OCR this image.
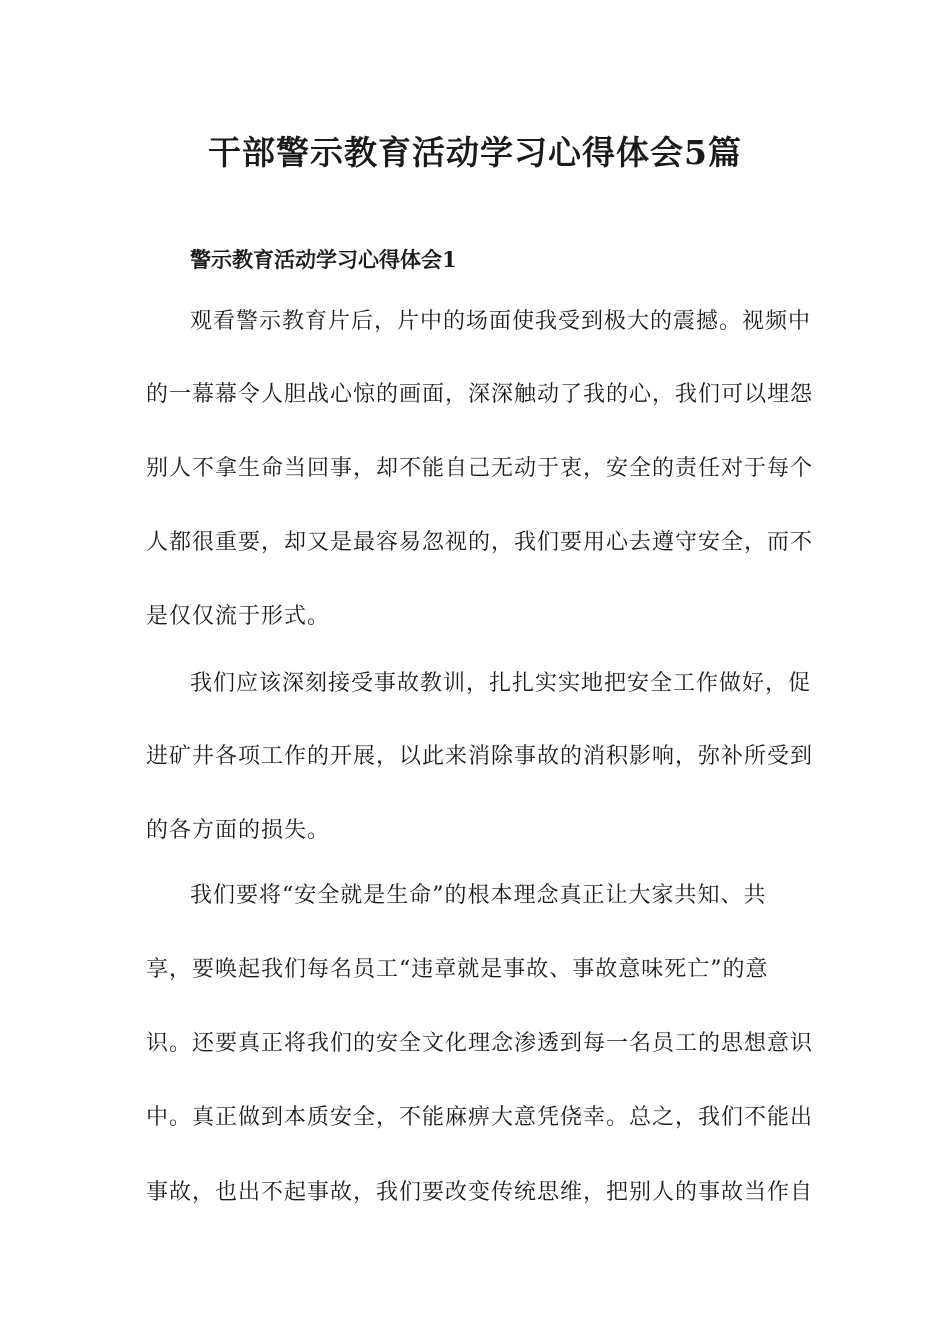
干部警示教育活动学习心得体会5篇
警示教育活动学习心得体会1

观看警示教育片后，片中的场面使我受到极大的震撼。视频中

的一幕幕令人胆战心惊的画面，深深触动了我的心，我们可以埋怨

别人不拿生命当回事，却不能自己无动于衷，安全的责任对于每个

人都很重要，却又是最容易忽视的，我们要用心去遵守安全，而不

是仅仅流于形式。

我们应该深刻接受事故教训，扎扎实实地把安全工作做好，促

进矿井各项工作的开展，以此来消除事故的消积影响，弥补所受到

的各方面的损失。

我们要将“安全就是生命”的根本理念真正让大家共知、共

享，要唤起我们每名员工“违章就是事故、事故意味死亡”的意

识。还要真正将我们的安全文化理念渗透到每一名员工的思想意识

中。真正做到本质安全，不能麻痹大意凭侥幸。总之，我们不能出

事故，也出不起事故，我们要改变传统思维，把别人的事故当作自
